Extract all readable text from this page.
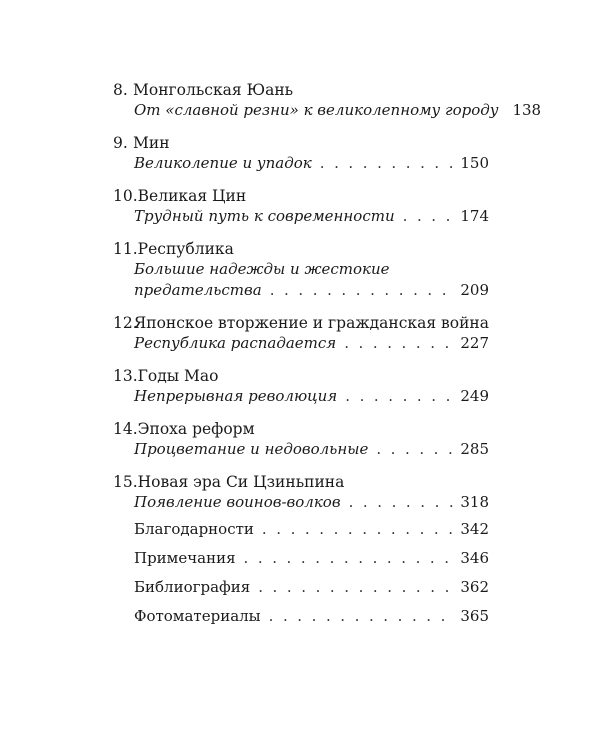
8. Монгольская Юань
От «славной резни» к великолепному городу 138
9. Мин
Великолепие и упадок . . .	150
10. Великая Цин
Трудный путь к современности . . .	174
11. Республика
Большие надежды и жестокие
предательства . . .	209
12.
Японское вторжение и гражданская война
Республика распадается . . .	227
13. Годы Мао
Непрерывная революция . . .	249
14. Эпоха реформ
Процветание и недовольные . . .	285
15. Новая эра Си Цзиньпина
Появление воинов-волков . . .	318
Благодарности . . .	342
Примечания . . .	346
Библиография . . .	362
Фотоматериалы . . .	365
